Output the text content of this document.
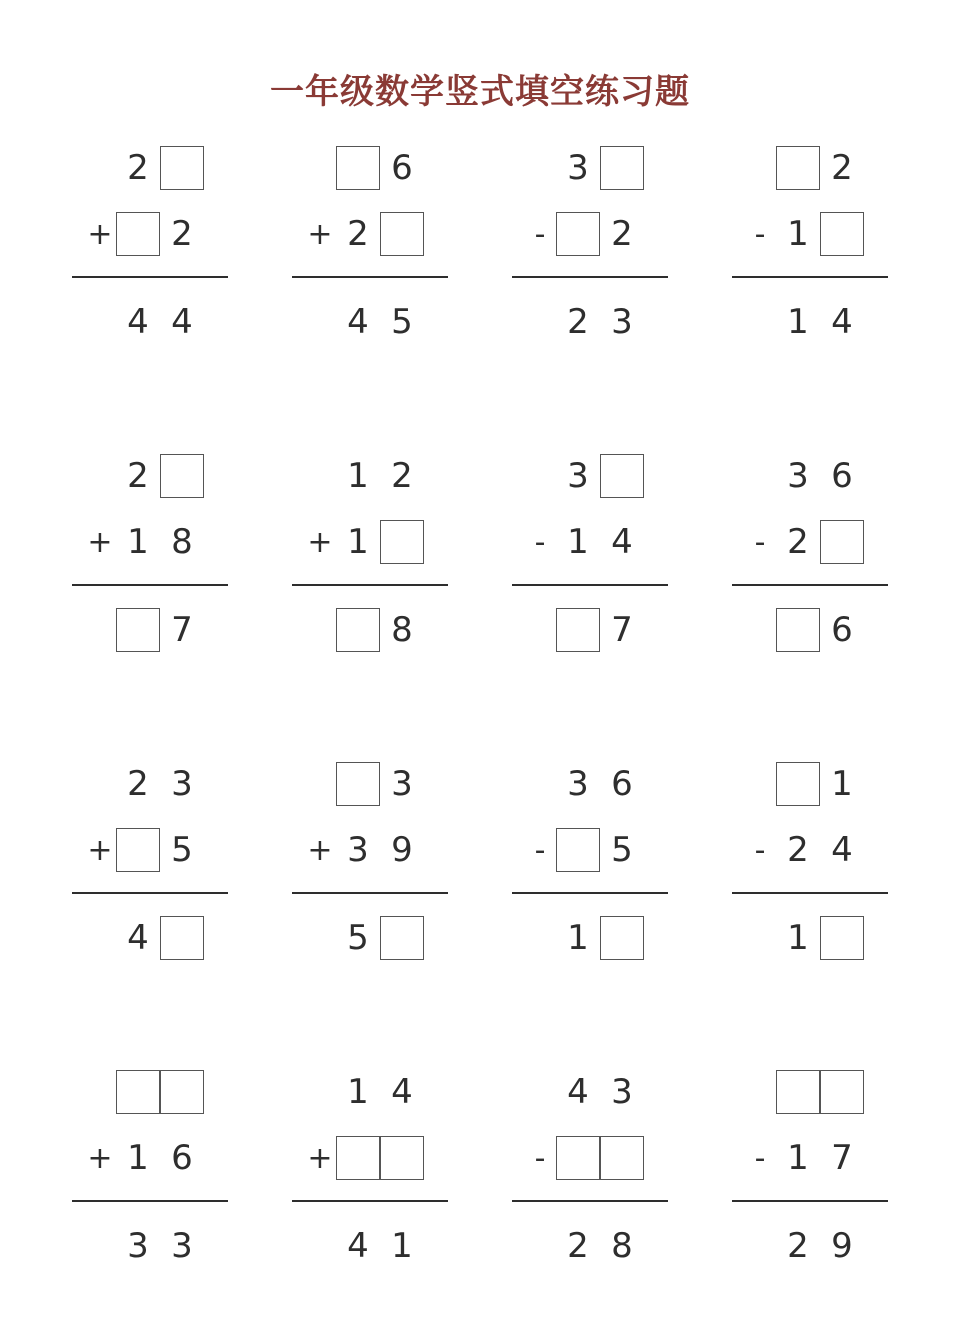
一年级数学竖式填空练习题
2
+	2
4 4
6
+ 2
4 5
3
-	2
2 3
2
- 1
1 4
2
+ 1 8
7
1 2
+ 1
8
3
- 1 4
7
3 6
- 2
6
2 3
+	5
4
3
+ 3 9
5
3 6
-	5
1
1
- 2 4
1
+ 1 6
3 3
1 4
+
4 1
4 3
-
2 8
- 1 7
2 9
